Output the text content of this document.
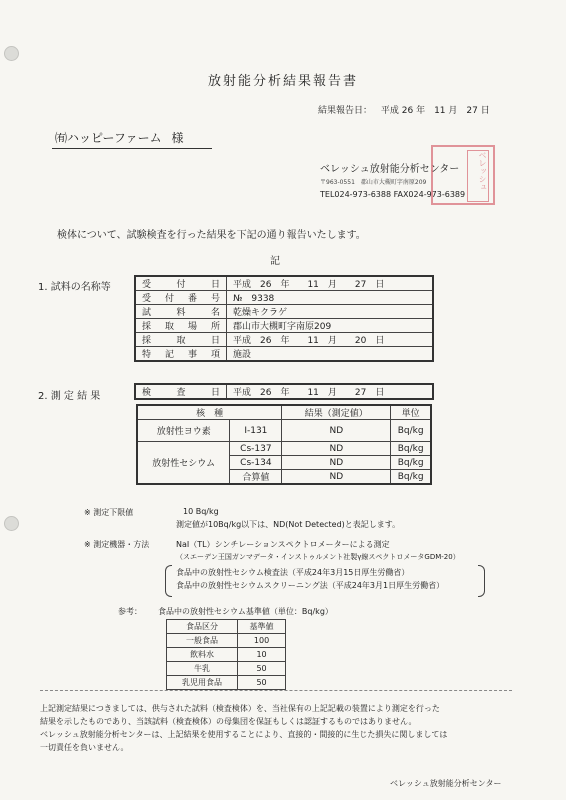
放射能分析結果報告書
結果報告日： 平成 26 年　11 月　27 日
㈲ハッピーファーム 様
ベレッシュ放射能分析センター
〒963-0551　郡山市大槻町字南原209
TEL024-973-6388 FAX024-973-6389
ベレッシュ
検体について、試験検査を行った結果を下記の通り報告いたします。
記
1. 試料の名称等	受　付　日	平成　26　年　　11　月　　27　日
受付番号	№　9338
試料名	乾燥キクラゲ
採取場所	郡山市大槻町字南原209
採取日	平成　26　年　　11　月　　20　日
特記事項	施設
2. 測 定 結 果	検　査　日	平成　26　年　　11　月　　27　日
核　種		結果（測定値）	単位
放射性ヨウ素	I-131	ND	Bq/kg
放射性セシウム	Cs-137	ND	Bq/kg
	Cs-134	ND	Bq/kg
	合算値	ND	Bq/kg
※ 測定下限値	10 Bq/kg
測定値が10Bq/kg以下は、ND(Not Detected)と表記します。
※ 測定機器・方法	NaI（TL）シンチレーションスペクトロメーターによる測定
（スエーデン王国ガンマデータ・インストゥルメント社製γ線スペクトロメータGDM-20）
食品中の放射性セシウム検査法（平成24年3月15日厚生労働省）
食品中の放射性セシウムスクリーニング法（平成24年3月1日厚生労働省）
参考： 食品中の放射性セシウム基準値（単位：Bq/kg）
食品区分	基準値
一般食品	100
飲料水	10
牛乳	50
乳児用食品	50
上記測定結果につきましては、供与された試料（検査検体）を、当社保有の上記記載の装置により測定を行った
結果を示したものであり、当該試料（検査検体）の母集団を保証もしくは認証するものではありません。
ベレッシュ放射能分析センターは、上記結果を使用することにより、直接的・間接的に生じた損失に関しましては
一切責任を負いません。
ベレッシュ放射能分析センター
